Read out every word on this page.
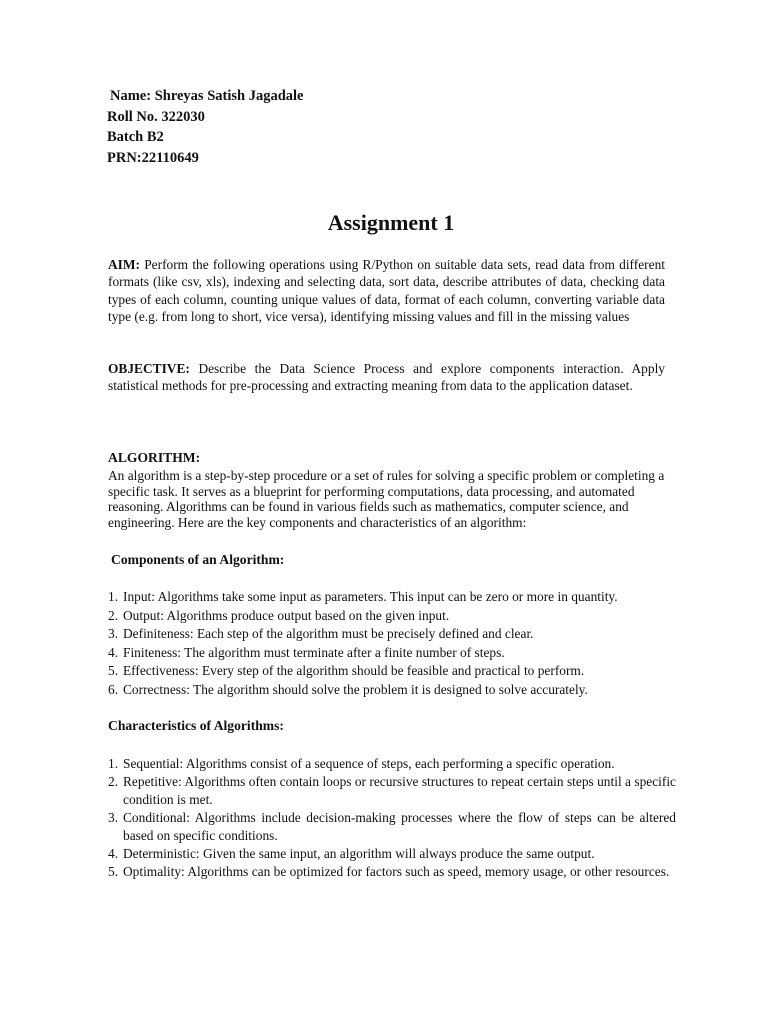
Name: Shreyas Satish Jagadale
Roll No. 322030
Batch B2
PRN:22110649
Assignment 1

AIM: Perform the following operations using R/Python on suitable data sets, read data from different formats (like csv, xls), indexing and selecting data, sort data, describe attributes of data, checking data types of each column, counting unique values of data, format of each column, converting variable data type (e.g. from long to short, vice versa), identifying missing values and fill in the missing values

OBJECTIVE: Describe the Data Science Process and explore components interaction. Apply statistical methods for pre-processing and extracting meaning from data to the application dataset.

ALGORITHM:

An algorithm is a step-by-step procedure or a set of rules for solving a specific problem or completing a specific task. It serves as a blueprint for performing computations, data processing, and automated reasoning. Algorithms can be found in various fields such as mathematics, computer science, and engineering. Here are the key components and characteristics of an algorithm:

Components of an Algorithm:
1. Input: Algorithms take some input as parameters. This input can be zero or more in quantity.
2. Output: Algorithms produce output based on the given input.
3. Definiteness: Each step of the algorithm must be precisely defined and clear.
4. Finiteness: The algorithm must terminate after a finite number of steps.
5. Effectiveness: Every step of the algorithm should be feasible and practical to perform.
6. Correctness: The algorithm should solve the problem it is designed to solve accurately.
Characteristics of Algorithms:
1. Sequential: Algorithms consist of a sequence of steps, each performing a specific operation.
2. Repetitive: Algorithms often contain loops or recursive structures to repeat certain steps until a specific condition is met.
3. Conditional: Algorithms include decision-making processes where the flow of steps can be altered based on specific conditions.
4. Deterministic: Given the same input, an algorithm will always produce the same output.
5. Optimality: Algorithms can be optimized for factors such as speed, memory usage, or other resources.
